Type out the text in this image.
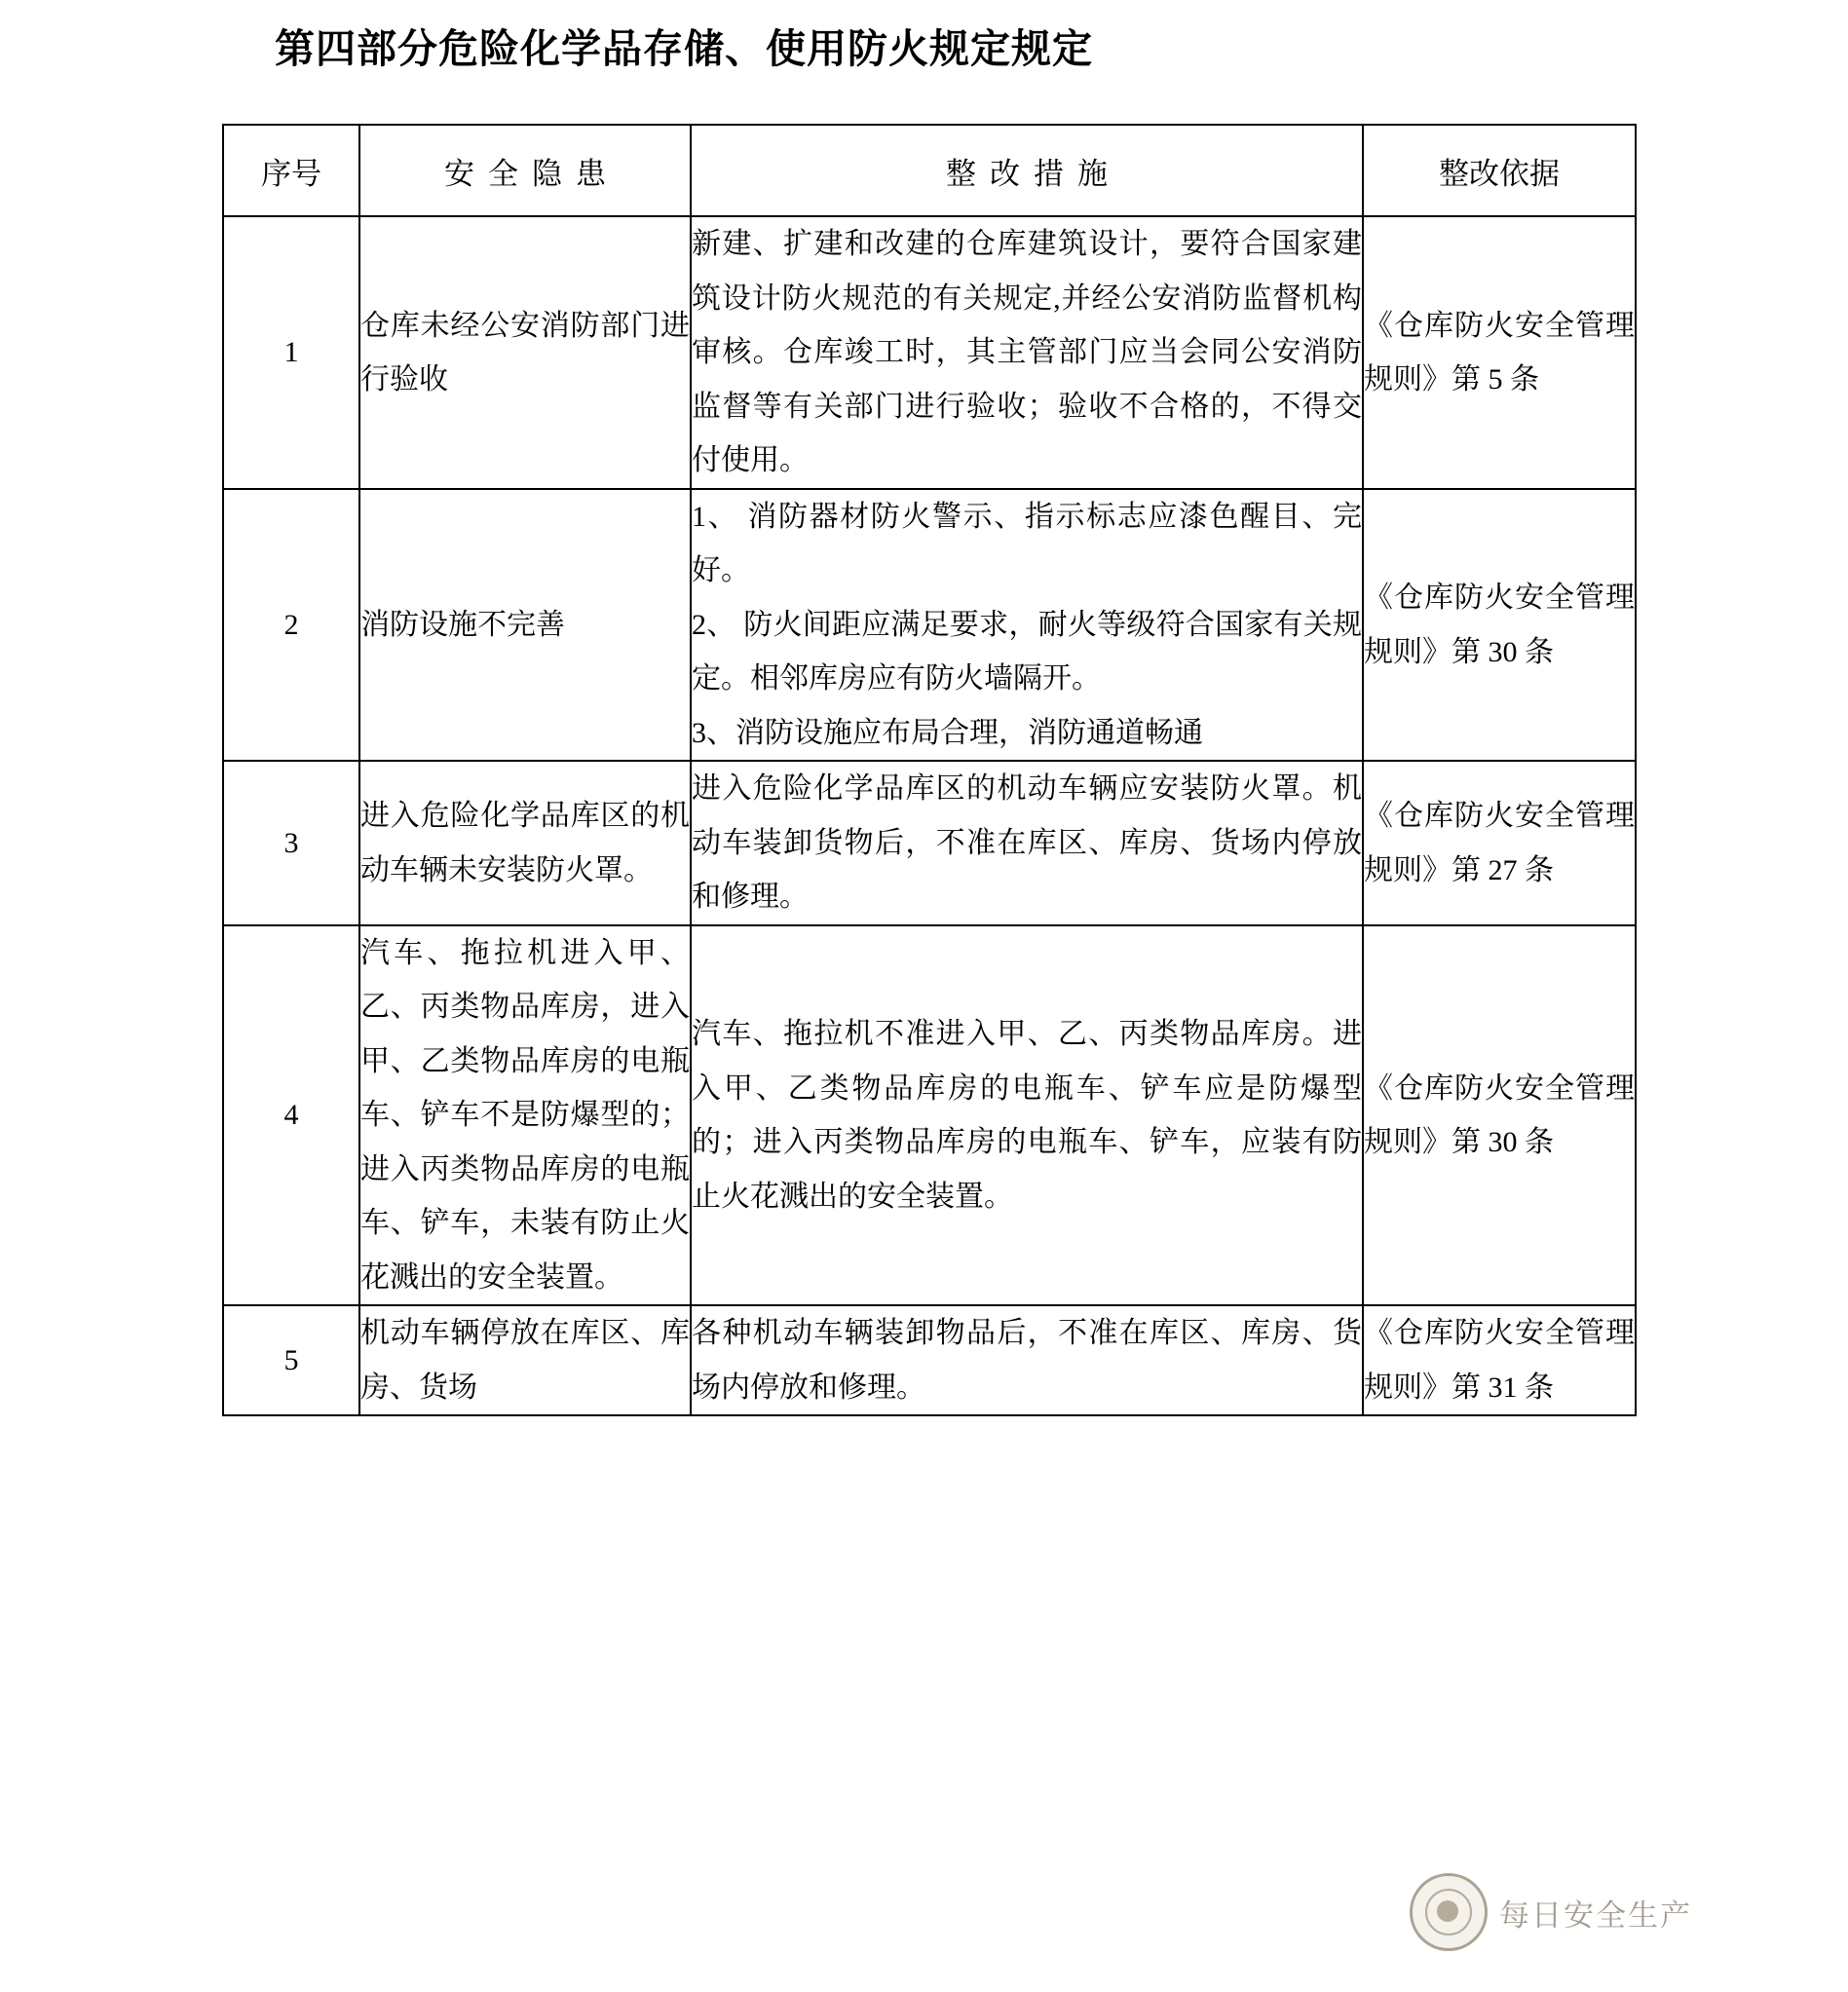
第四部分危险化学品存储、使用防火规定规定
序号	安全隐患	整改措施	整改依据
1	仓库未经公安消防部门进行验收	新建、扩建和改建的仓库建筑设计，要符合国家建筑设计防火规范的有关规定,并经公安消防监督机构审核。仓库竣工时，其主管部门应当会同公安消防监督等有关部门进行验收；验收不合格的，不得交付使用。	《仓库防火安全管理规则》第 5 条
2	消防设施不完善	1、 消防器材防火警示、指示标志应漆色醒目、完好。

2、 防火间距应满足要求，耐火等级符合国家有关规定。相邻库房应有防火墙隔开。

3、消防设施应布局合理，消防通道畅通	《仓库防火安全管理规则》第 30 条
3	进入危险化学品库区的机动车辆未安装防火罩。	进入危险化学品库区的机动车辆应安装防火罩。机动车装卸货物后，不准在库区、库房、货场内停放和修理。	《仓库防火安全管理规则》第 27 条
4	汽车、拖拉机进入甲、乙、丙类物品库房，进入甲、乙类物品库房的电瓶车、铲车不是防爆型的；进入丙类物品库房的电瓶车、铲车，未装有防止火花溅出的安全装置。	汽车、拖拉机不准进入甲、乙、丙类物品库房。进入甲、乙类物品库房的电瓶车、铲车应是防爆型的；进入丙类物品库房的电瓶车、铲车，应装有防止火花溅出的安全装置。	《仓库防火安全管理规则》第 30 条
5	机动车辆停放在库区、库房、货场	各种机动车辆装卸物品后，不准在库区、库房、货场内停放和修理。	《仓库防火安全管理规则》第 31 条
每日安全生产
